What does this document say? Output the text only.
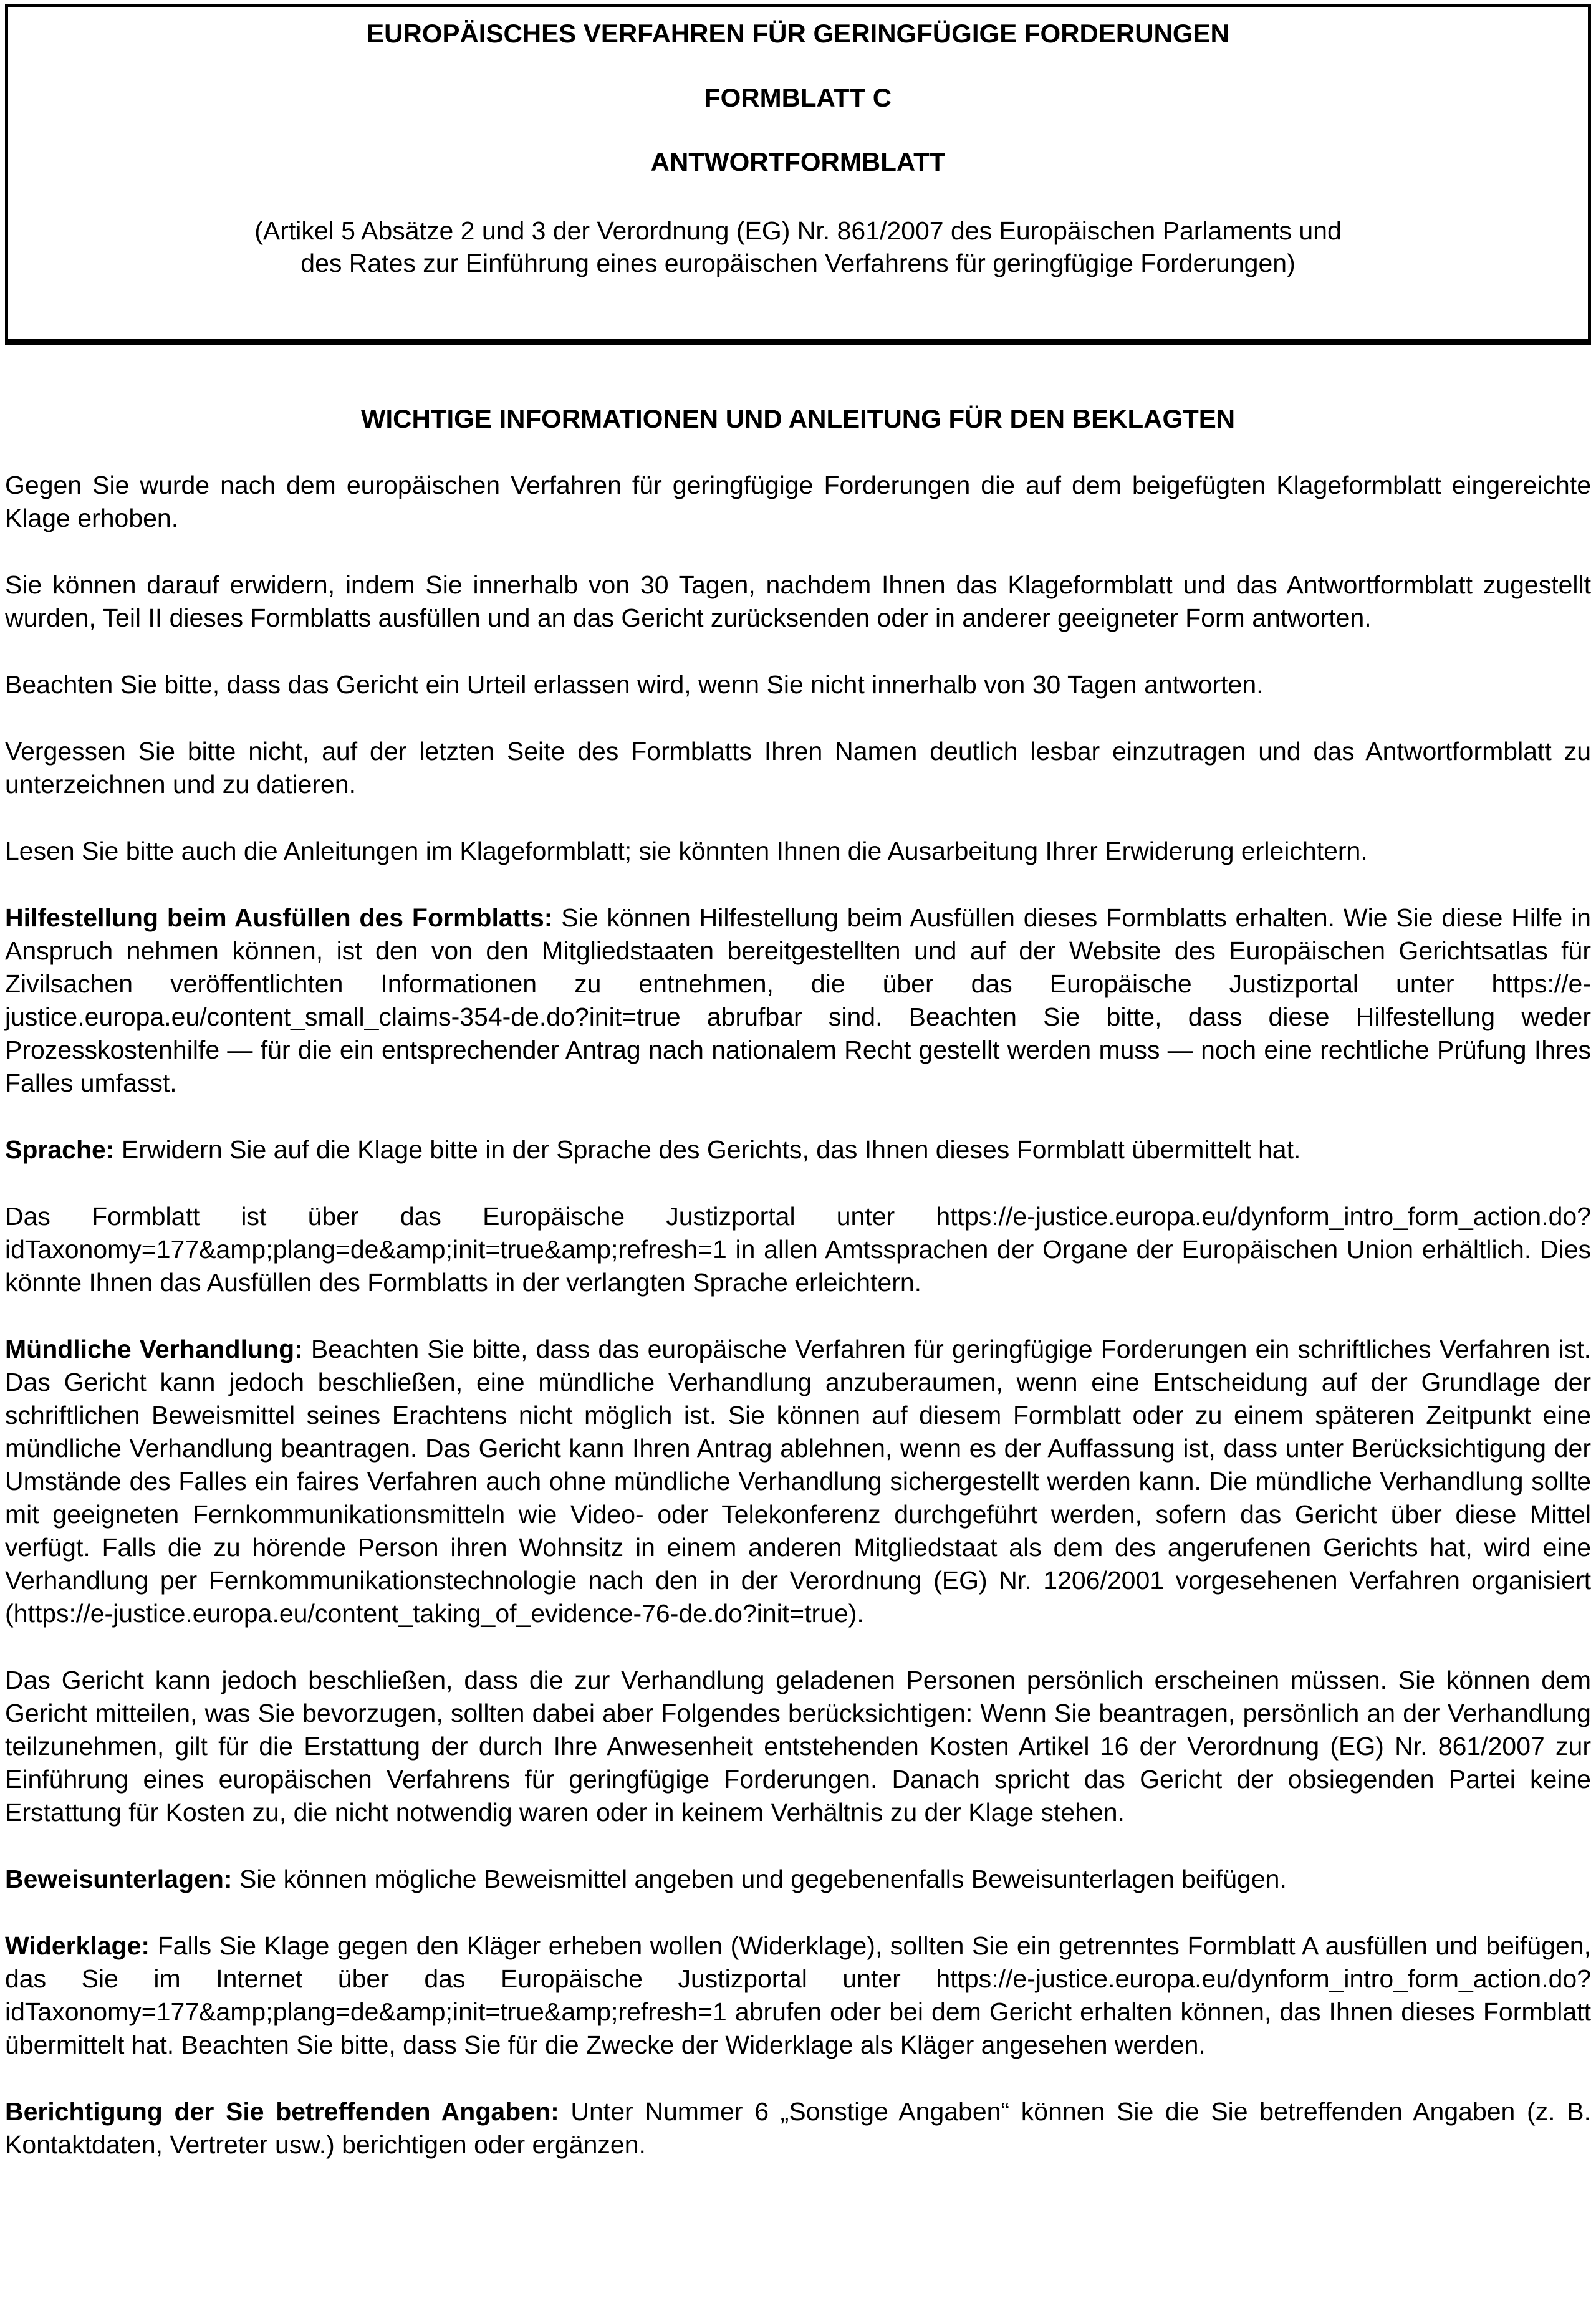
EUROPÄISCHES VERFAHREN FÜR GERINGFÜGIGE FORDERUNGEN
FORMBLATT C
ANTWORTFORMBLATT
(Artikel 5 Absätze 2 und 3 der Verordnung (EG) Nr. 861/2007 des Europäischen Parlaments und des Rates zur Einführung eines europäischen Verfahrens für geringfügige Forderungen)
WICHTIGE INFORMATIONEN UND ANLEITUNG FÜR DEN BEKLAGTEN

Gegen Sie wurde nach dem europäischen Verfahren für geringfügige Forderungen die auf dem beigefügten Klageformblatt eingereichte Klage erhoben.

Sie können darauf erwidern, indem Sie innerhalb von 30 Tagen, nachdem Ihnen das Klageformblatt und das Antwortformblatt zugestellt wurden, Teil II dieses Formblatts ausfüllen und an das Gericht zurücksenden oder in anderer geeigneter Form antworten.

Beachten Sie bitte, dass das Gericht ein Urteil erlassen wird, wenn Sie nicht innerhalb von 30 Tagen antworten.

Vergessen Sie bitte nicht, auf der letzten Seite des Formblatts Ihren Namen deutlich lesbar einzutragen und das Antwortformblatt zu unterzeichnen und zu datieren.

Lesen Sie bitte auch die Anleitungen im Klageformblatt; sie könnten Ihnen die Ausarbeitung Ihrer Erwiderung erleichtern.

Hilfestellung beim Ausfüllen des Formblatts: Sie können Hilfestellung beim Ausfüllen dieses Formblatts erhalten. Wie Sie diese Hilfe in Anspruch nehmen können, ist den von den Mitgliedstaaten bereitgestellten und auf der Website des Europäischen Gerichtsatlas für Zivilsachen veröffentlichten Informationen zu entnehmen, die über das Europäische Justizportal unter https://e-justice.europa.eu/content_small_claims-354-de.do?init=true abrufbar sind. Beachten Sie bitte, dass diese Hilfestellung weder Prozesskostenhilfe — für die ein entsprechender Antrag nach nationalem Recht gestellt werden muss — noch eine rechtliche Prüfung Ihres Falles umfasst.

Sprache: Erwidern Sie auf die Klage bitte in der Sprache des Gerichts, das Ihnen dieses Formblatt übermittelt hat.

Das Formblatt ist über das Europäische Justizportal unter https://e-justice.europa.eu/dynform_intro_form_action.do?idTaxonomy=177&amp;plang=de&amp;init=true&amp;refresh=1 in allen Amtssprachen der Organe der Europäischen Union erhältlich. Dies könnte Ihnen das Ausfüllen des Formblatts in der verlangten Sprache erleichtern.

Mündliche Verhandlung: Beachten Sie bitte, dass das europäische Verfahren für geringfügige Forderungen ein schriftliches Verfahren ist. Das Gericht kann jedoch beschließen, eine mündliche Verhandlung anzuberaumen, wenn eine Entscheidung auf der Grundlage der schriftlichen Beweismittel seines Erachtens nicht möglich ist. Sie können auf diesem Formblatt oder zu einem späteren Zeitpunkt eine mündliche Verhandlung beantragen. Das Gericht kann Ihren Antrag ablehnen, wenn es der Auffassung ist, dass unter Berücksichtigung der Umstände des Falles ein faires Verfahren auch ohne mündliche Verhandlung sichergestellt werden kann. Die mündliche Verhandlung sollte mit geeigneten Fernkommunikationsmitteln wie Video- oder Telekonferenz durchgeführt werden, sofern das Gericht über diese Mittel verfügt. Falls die zu hörende Person ihren Wohnsitz in einem anderen Mitgliedstaat als dem des angerufenen Gerichts hat, wird eine Verhandlung per Fernkommunikationstechnologie nach den in der Verordnung (EG) Nr. 1206/2001 vorgesehenen Verfahren organisiert (https://e-justice.europa.eu/content_taking_of_evidence-76-de.do?init=true).

Das Gericht kann jedoch beschließen, dass die zur Verhandlung geladenen Personen persönlich erscheinen müssen. Sie können dem Gericht mitteilen, was Sie bevorzugen, sollten dabei aber Folgendes berücksichtigen: Wenn Sie beantragen, persönlich an der Verhandlung teilzunehmen, gilt für die Erstattung der durch Ihre Anwesenheit entstehenden Kosten Artikel 16 der Verordnung (EG) Nr. 861/2007 zur Einführung eines europäischen Verfahrens für geringfügige Forderungen. Danach spricht das Gericht der obsiegenden Partei keine Erstattung für Kosten zu, die nicht notwendig waren oder in keinem Verhältnis zu der Klage stehen.

Beweisunterlagen: Sie können mögliche Beweismittel angeben und gegebenenfalls Beweisunterlagen beifügen.

Widerklage: Falls Sie Klage gegen den Kläger erheben wollen (Widerklage), sollten Sie ein getrenntes Formblatt A ausfüllen und beifügen, das Sie im Internet über das Europäische Justizportal unter https://e-justice.europa.eu/dynform_intro_form_action.do?idTaxonomy=177&amp;plang=de&amp;init=true&amp;refresh=1 abrufen oder bei dem Gericht erhalten können, das Ihnen dieses Formblatt übermittelt hat. Beachten Sie bitte, dass Sie für die Zwecke der Widerklage als Kläger angesehen werden.

Berichtigung der Sie betreffenden Angaben: Unter Nummer 6 „Sonstige Angaben“ können Sie die Sie betreffenden Angaben (z. B. Kontaktdaten, Vertreter usw.) berichtigen oder ergänzen.
